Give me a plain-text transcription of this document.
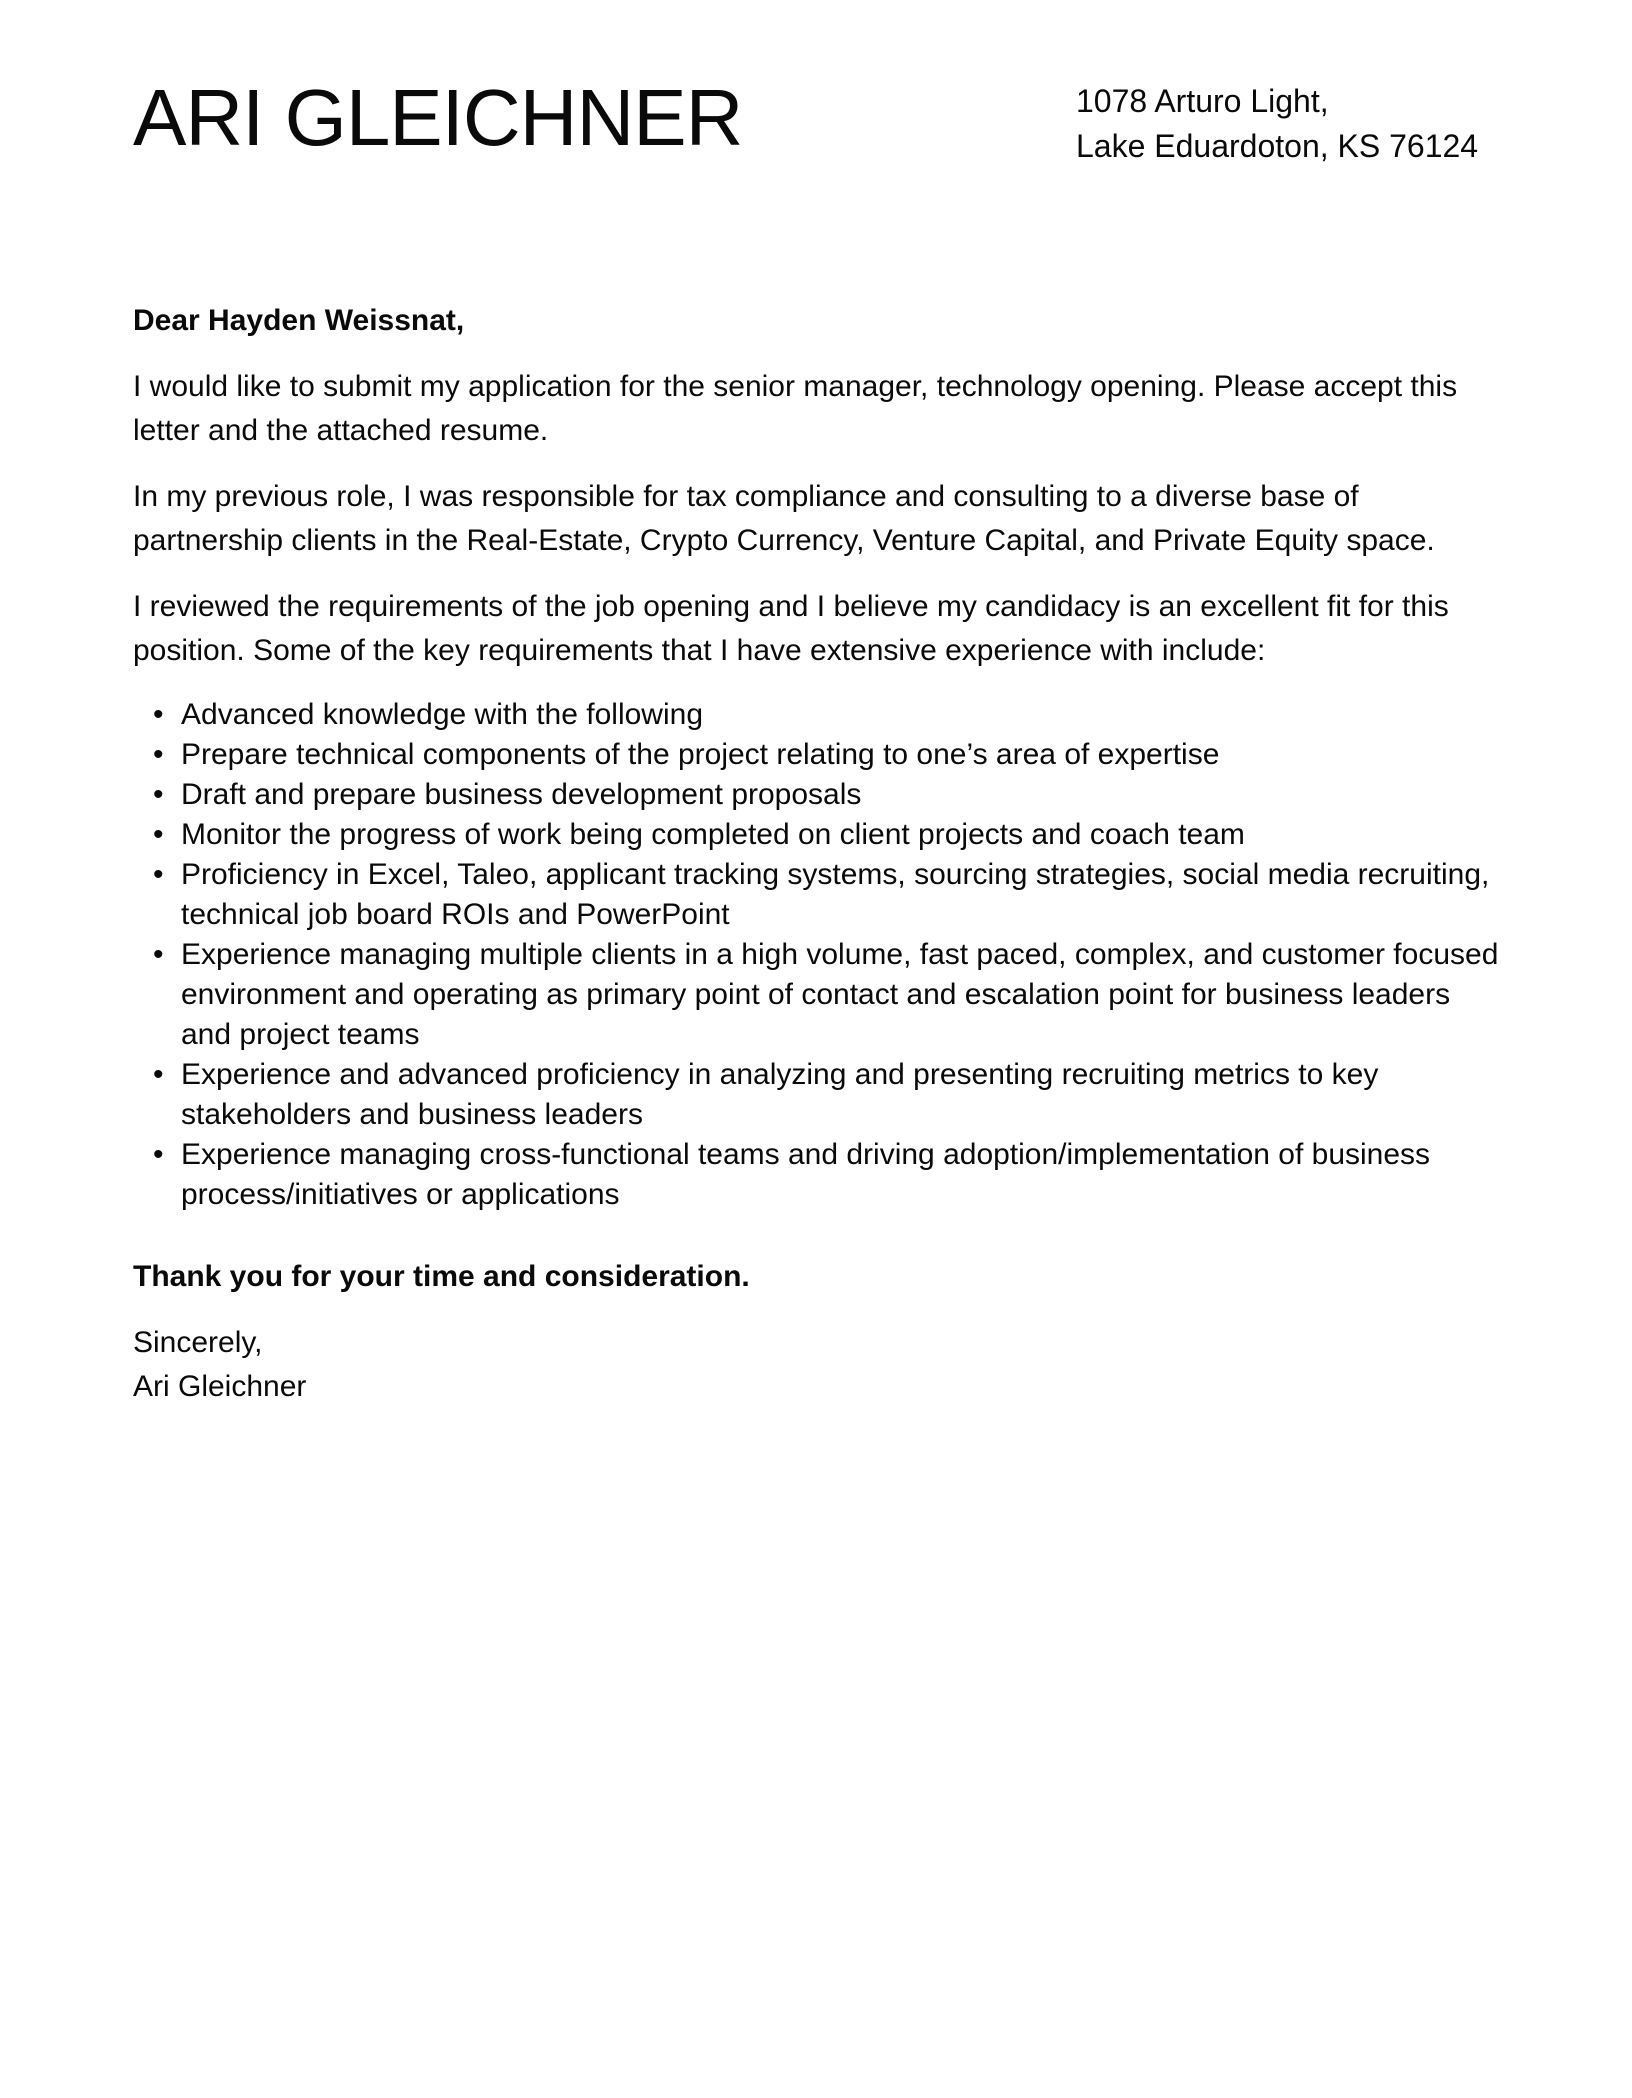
ARI GLEICHNER	1078 Arturo Light,
Lake Eduardoton, KS 76124

Dear Hayden Weissnat,

I would like to submit my application for the senior manager, technology opening. Please accept this letter and the attached resume.

In my previous role, I was responsible for tax compliance and consulting to a diverse base of partnership clients in the Real-Estate, Crypto Currency, Venture Capital, and Private Equity space.

I reviewed the requirements of the job opening and I believe my candidacy is an excellent fit for this position. Some of the key requirements that I have extensive experience with include:

• Advanced knowledge with the following
• Prepare technical components of the project relating to one’s area of expertise
• Draft and prepare business development proposals
• Monitor the progress of work being completed on client projects and coach team
• Proficiency in Excel, Taleo, applicant tracking systems, sourcing strategies, social media recruiting, technical job board ROIs and PowerPoint
• Experience managing multiple clients in a high volume, fast paced, complex, and customer focused environment and operating as primary point of contact and escalation point for business leaders and project teams
• Experience and advanced proficiency in analyzing and presenting recruiting metrics to key stakeholders and business leaders
• Experience managing cross-functional teams and driving adoption/implementation of business process/initiatives or applications

Thank you for your time and consideration.

Sincerely,
Ari Gleichner
